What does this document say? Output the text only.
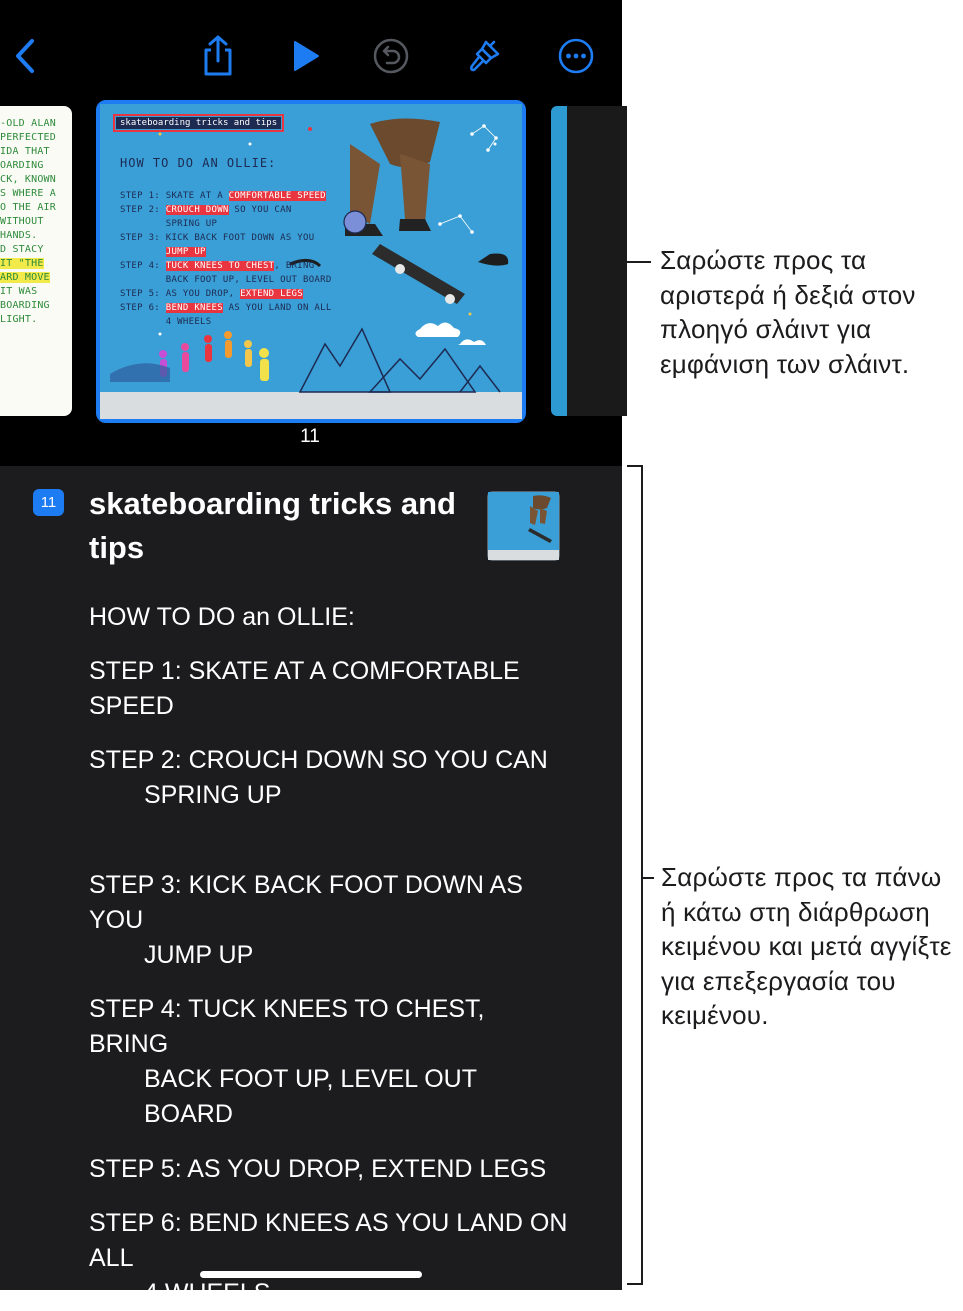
-OLD ALAN
PERFECTED
IDA THAT
OARDING
CK, KNOWN
S WHERE A
O THE AIR
WITHOUT
HANDS.
D STACY
IT "THE
ARD MOVE
IT WAS
BOARDING
LIGHT.
skateboarding tricks and tips
HOW TO DO AN OLLIE:
STEP 1: SKATE AT A COMFORTABLE SPEED
STEP 2: CROUCH DOWN SO YOU CAN
SPRING UP
STEP 3: KICK BACK FOOT DOWN AS YOU
JUMP UP
STEP 4: TUCK KNEES TO CHEST, BRING
BACK FOOT UP, LEVEL OUT BOARD
STEP 5: AS YOU DROP, EXTEND LEGS
STEP 6: BEND KNEES AS YOU LAND ON ALL
4 WHEELS
11
11 skateboarding tricks and tips
HOW TO DO an OLLIE:
STEP 1: SKATE AT A COMFORTABLE SPEED
STEP 2: CROUCH DOWN SO YOU CAN
SPRING UP
STEP 3: KICK BACK FOOT DOWN AS YOU
JUMP UP
STEP 4: TUCK KNEES TO CHEST, BRING
BACK FOOT UP, LEVEL OUT BOARD
STEP 5: AS YOU DROP, EXTEND LEGS
STEP 6: BEND KNEES AS YOU LAND ON ALL
4 WHEELS
Σαρώστε προς τα αριστερά ή δεξιά στον πλοηγό σλάιντ για εμφάνιση των σλάιντ.
Σαρώστε προς τα πάνω ή κάτω στη διάρθρωση κειμένου και μετά αγγίξτε για επεξεργασία του κειμένου.
